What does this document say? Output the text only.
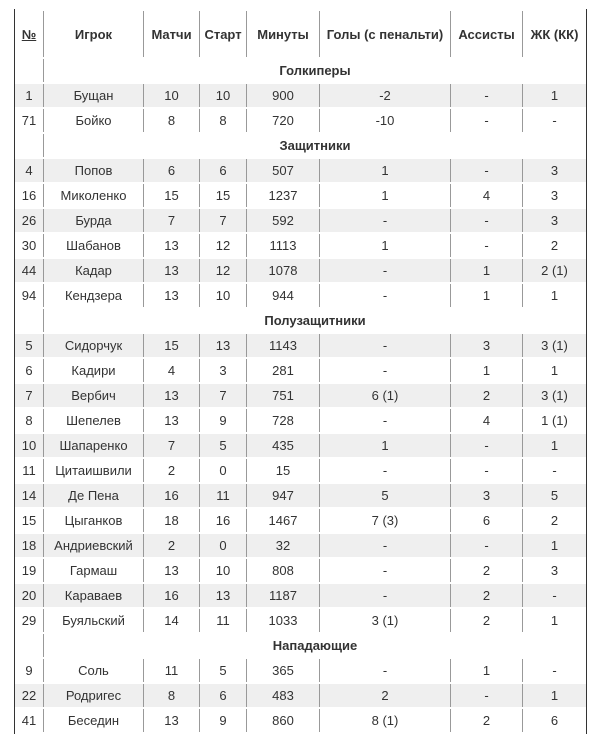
№	Игрок	Матчи	Старт	Минуты	Голы (с пенальти)	Ассисты	ЖК (КК)
	Голкиперы						
1	Бущан	10	10	900	-2	-	1
71	Бойко	8	8	720	-10	-	-
	Защитники						
4	Попов	6	6	507	1	-	3
16	Миколенко	15	15	1237	1	4	3
26	Бурда	7	7	592	-	-	3
30	Шабанов	13	12	1113	1	-	2
44	Кадар	13	12	1078	-	1	2 (1)
94	Кендзера	13	10	944	-	1	1
	Полузащитники						
5	Сидорчук	15	13	1143	-	3	3 (1)
6	Кадири	4	3	281	-	1	1
7	Вербич	13	7	751	6 (1)	2	3 (1)
8	Шепелев	13	9	728	-	4	1 (1)
10	Шапаренко	7	5	435	1	-	1
11	Цитаишвили	2	0	15	-	-	-
14	Де Пена	16	11	947	5	3	5
15	Цыганков	18	16	1467	7 (3)	6	2
18	Андриевский	2	0	32	-	-	1
19	Гармаш	13	10	808	-	2	3
20	Караваев	16	13	1187	-	2	-
29	Буяльский	14	11	1033	3 (1)	2	1
	Нападающие						
9	Соль	11	5	365	-	1	-
22	Родригес	8	6	483	2	-	1
41	Беседин	13	9	860	8 (1)	2	6
